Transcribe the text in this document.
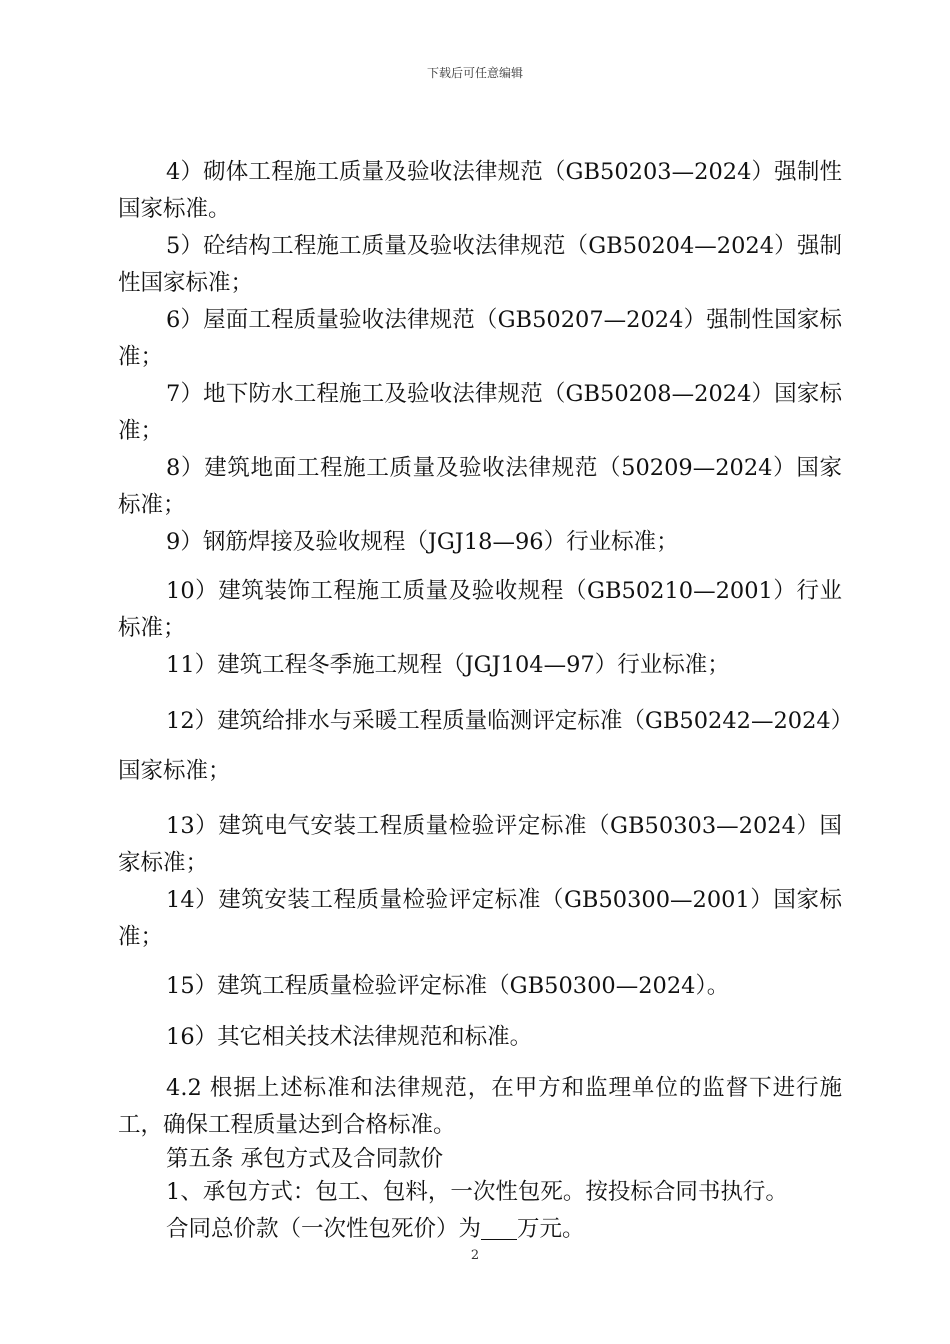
下载后可任意编辑

4）砌体工程施工质量及验收法律规范（GB50203—2024）强制性国家标准。

5）砼结构工程施工质量及验收法律规范（GB50204—2024）强制性国家标准；

6）屋面工程质量验收法律规范（GB50207—2024）强制性国家标准；

7）地下防水工程施工及验收法律规范（GB50208—2024）国家标准；

8）建筑地面工程施工质量及验收法律规范（50209—2024）国家标准；

9）钢筋焊接及验收规程（JGJ18—96）行业标准；

10）建筑装饰工程施工质量及验收规程（GB50210—2001）行业标准；

11）建筑工程冬季施工规程（JGJ104—97）行业标准；

12）建筑给排水与采暖工程质量临测评定标准（GB50242—2024）国家标准；

13）建筑电气安装工程质量检验评定标准（GB50303—2024）国家标准；

14）建筑安装工程质量检验评定标准（GB50300—2001）国家标准；

15）建筑工程质量检验评定标准（GB50300—2024）。

16）其它相关技术法律规范和标准。

4.2 根据上述标准和法律规范，在甲方和监理单位的监督下进行施工，确保工程质量达到合格标准。

第五条 承包方式及合同款价

1、承包方式：包工、包料，一次性包死。按投标合同书执行。

合同总价款（一次性包死价）为 万元。

2
